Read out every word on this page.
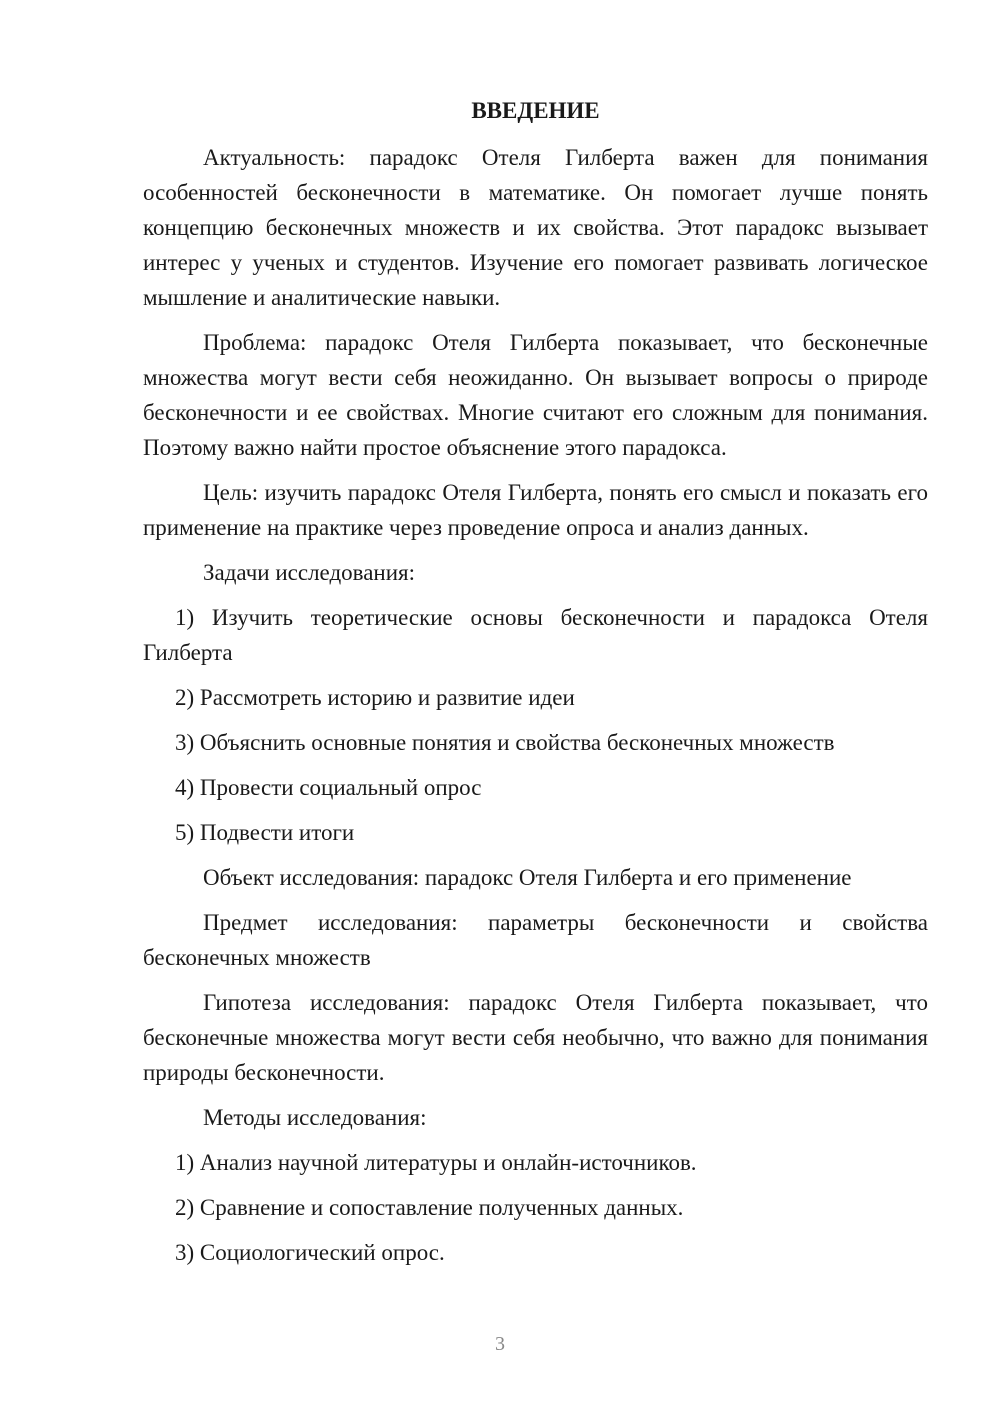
ВВЕДЕНИЕ

Актуальность: парадокс Отеля Гилберта важен для понимания особенностей бесконечности в математике. Он помогает лучше понять концепцию бесконечных множеств и их свойства. Этот парадокс вызывает интерес у ученых и студентов. Изучение его помогает развивать логическое мышление и аналитические навыки.

Проблема: парадокс Отеля Гилберта показывает, что бесконечные множества могут вести себя неожиданно. Он вызывает вопросы о природе бесконечности и ее свойствах. Многие считают его сложным для понимания. Поэтому важно найти простое объяснение этого парадокса.

Цель: изучить парадокс Отеля Гилберта, понять его смысл и показать его применение на практике через проведение опроса и анализ данных.

Задачи исследования:

1) Изучить теоретические основы бесконечности и парадокса Отеля Гилберта

2) Рассмотреть историю и развитие идеи

3) Объяснить основные понятия и свойства бесконечных множеств

4) Провести социальный опрос

5) Подвести итоги

Объект исследования: парадокс Отеля Гилберта и его применение

Предмет исследования: параметры бесконечности и свойства бесконечных множеств

Гипотеза исследования: парадокс Отеля Гилберта показывает, что бесконечные множества могут вести себя необычно, что важно для понимания природы бесконечности.

Методы исследования:

1) Анализ научной литературы и онлайн-источников.

2) Сравнение и сопоставление полученных данных.

3) Социологический опрос.

3
